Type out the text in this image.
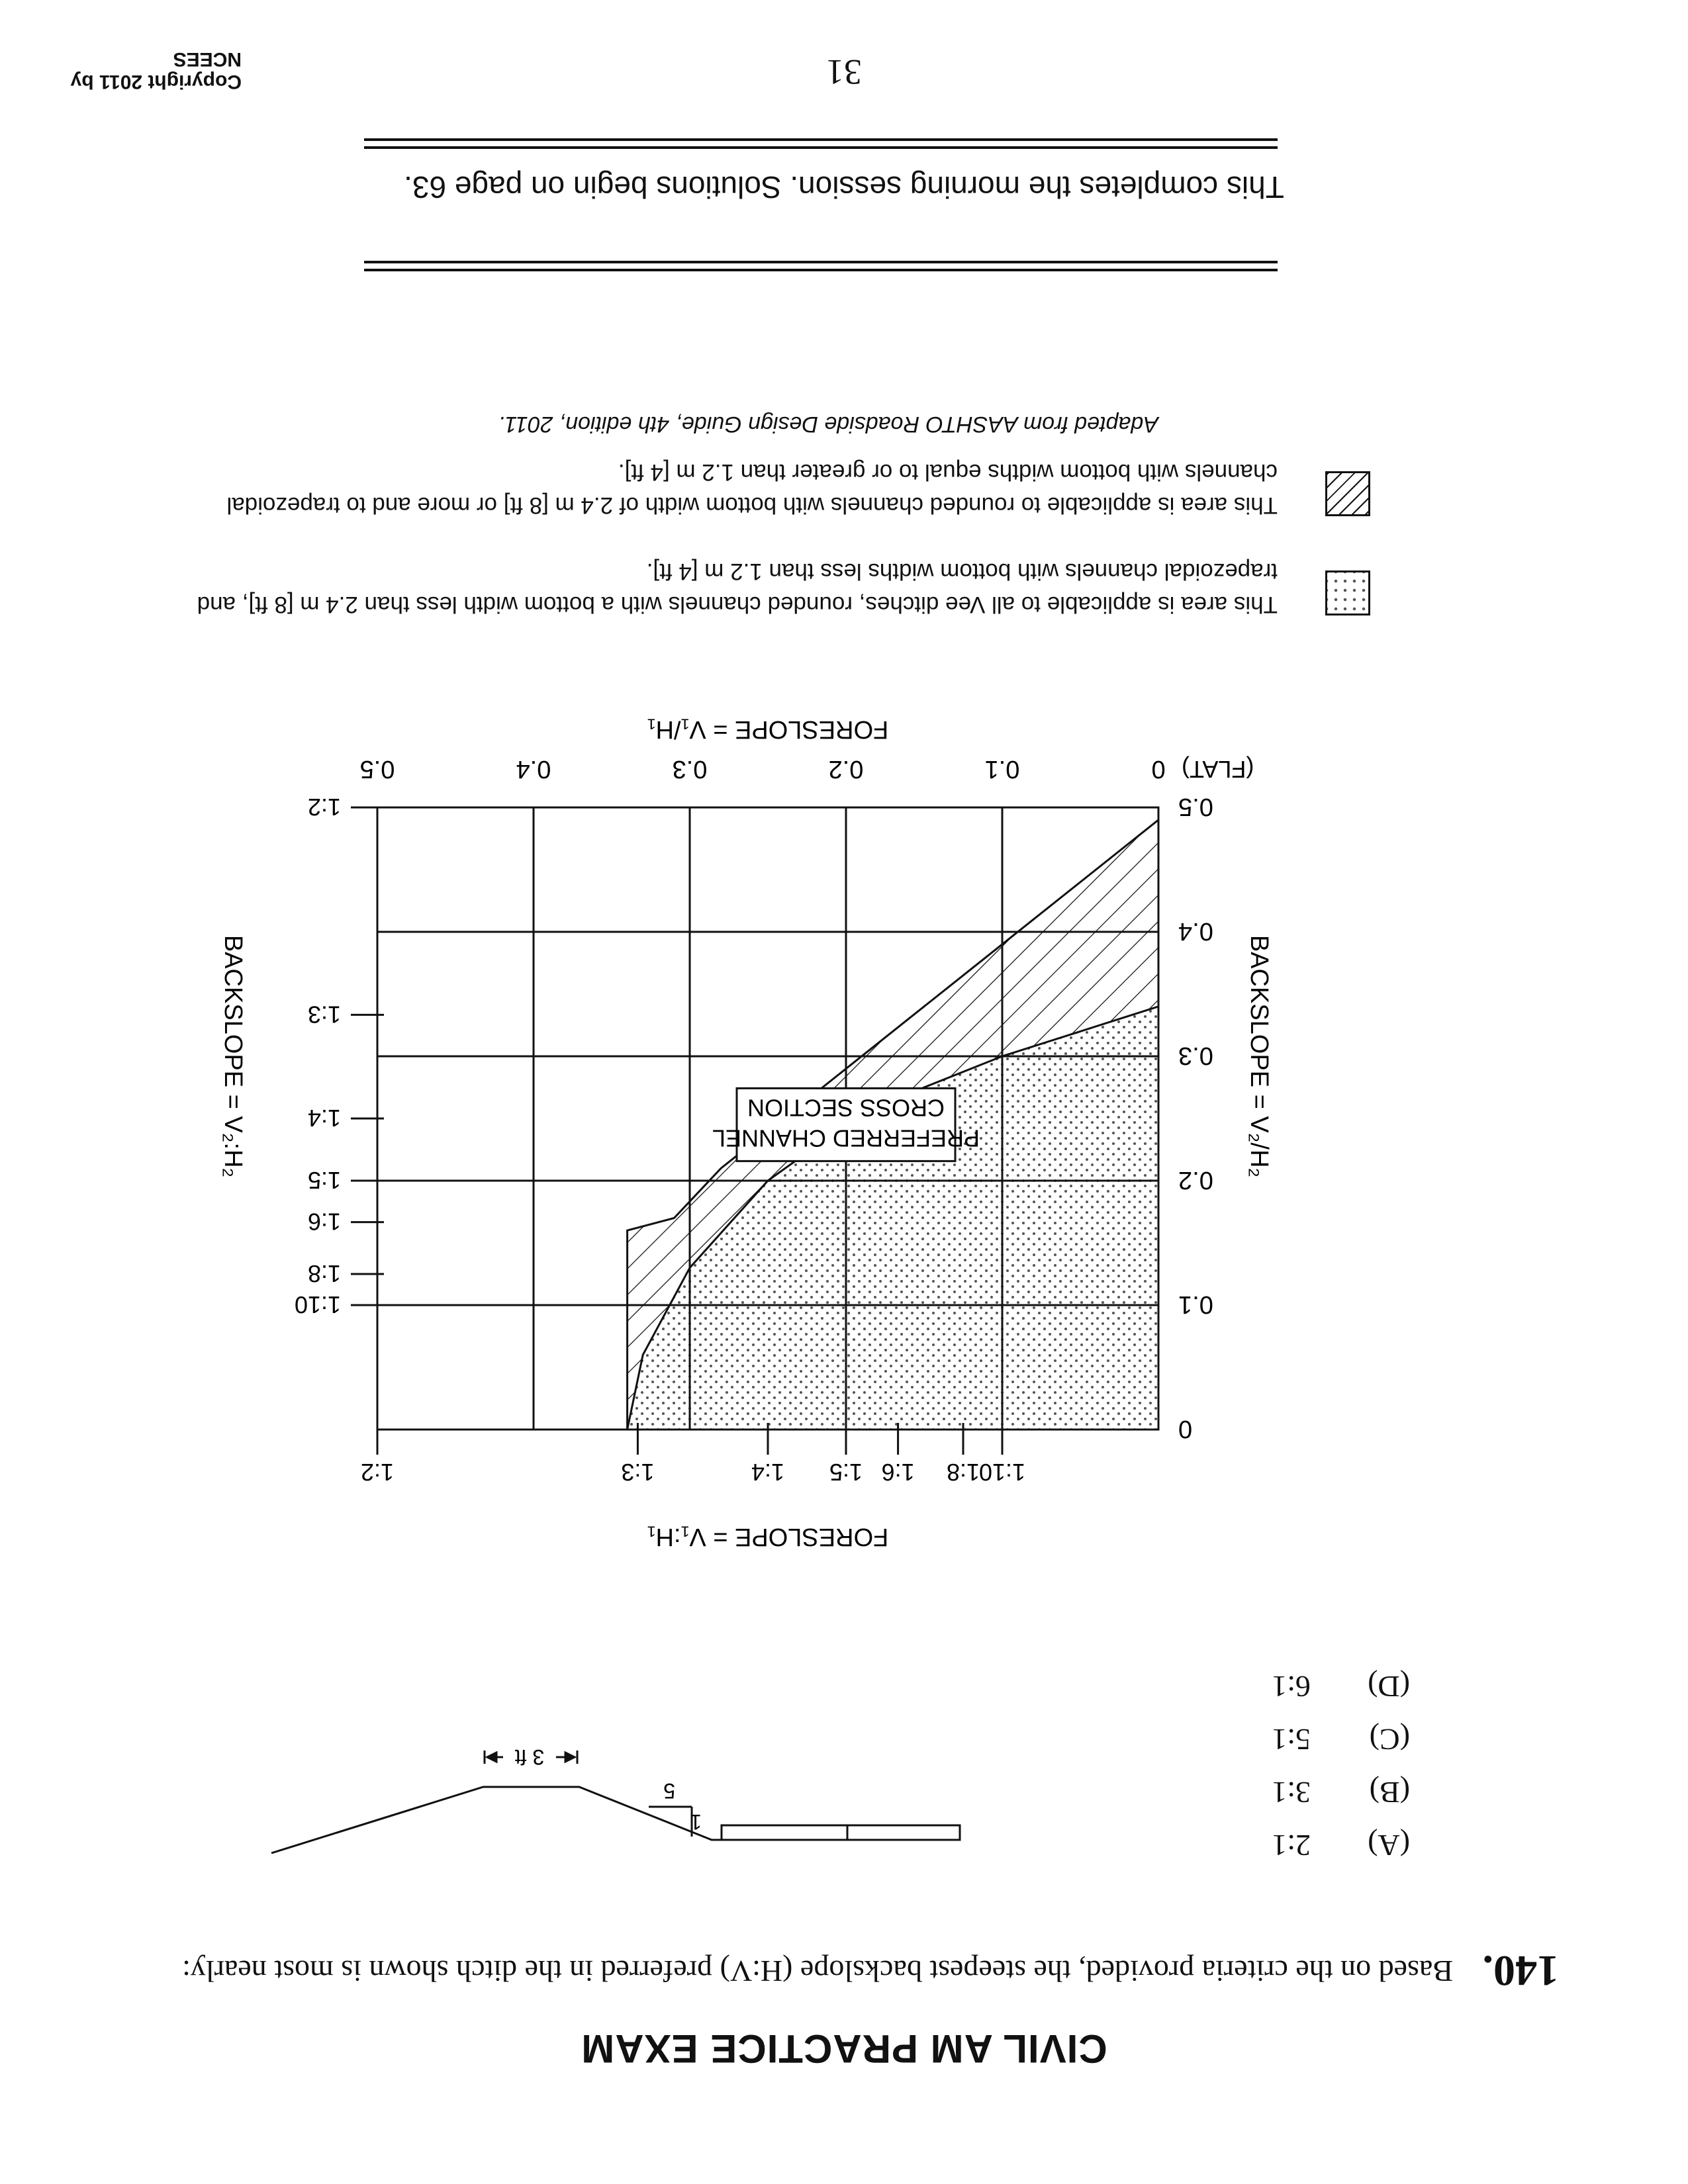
CIVIL AM PRACTICE EXAM
140.
Based on the criteria provided, the steepest backslope (H:V) preferred in the ditch shown is most nearly:
(A)2:1
(B)3:1
(C)5:1
(D)6:1
1
5
3 ft
0
0.1
0.2
0.3
0.4
0.5
0
0.1
0.2
0.3
0.4
0.5
1:10
1:8
1:6
1:5
1:4
1:3
1:2
1:10
1:8
1:6
1:5
1:4
1:3
1:2
FORESLOPE = V₁:H₁
FORESLOPE = V₁/H₁
BACKSLOPE = V₂/H₂
BACKSLOPE = V₂:H₂	PREFERRED CHANNEL
CROSS SECTION
(FLAT)
This area is applicable to all Vee ditches, rounded channels with a bottom width less than 2.4 m [8 ft], and trapezoidal channels with bottom widths less than 1.2 m [4 ft].
This area is applicable to rounded channels with bottom width of 2.4 m [8 ft] or more and to trapezoidal channels with bottom widths equal to or greater than 1.2 m [4 ft].
Adapted from AASHTO Roadside Design Guide, 4th edition, 2011.
This completes the morning session. Solutions begin on page 63.
31
Copyright 2011 by NCEES
